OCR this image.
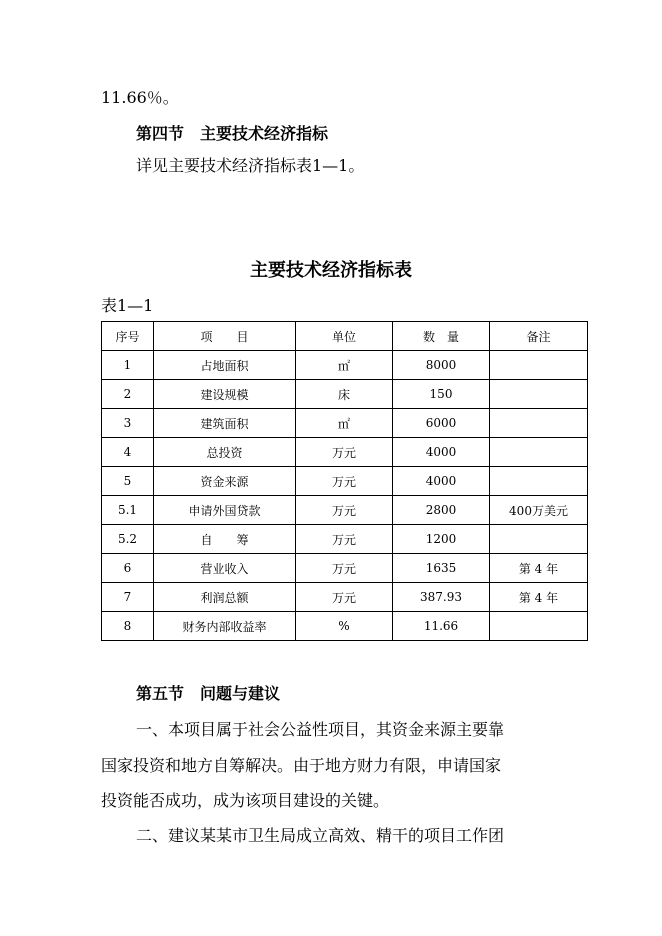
11.66％。
第四节　主要技术经济指标
详见主要技术经济指标表1—1。
主要技术经济指标表
表1—1
序号	项　　目	单位	数　量	备注
1	占地面积	㎡	8000	
2	建设规模	床	150	
3	建筑面积	㎡	6000	
4	总投资	万元	4000	
5	资金来源	万元	4000	
5.1	申请外国贷款	万元	2800	400万美元
5.2	自　　筹	万元	1200	
6	营业收入	万元	1635	第 4 年
7	利润总额	万元	387.93	第 4 年
8	财务内部收益率	%	11.66	
第五节　问题与建议
一、本项目属于社会公益性项目，其资金来源主要靠
国家投资和地方自筹解决。由于地方财力有限，申请国家
投资能否成功，成为该项目建设的关键。
二、建议某某市卫生局成立高效、精干的项目工作团
